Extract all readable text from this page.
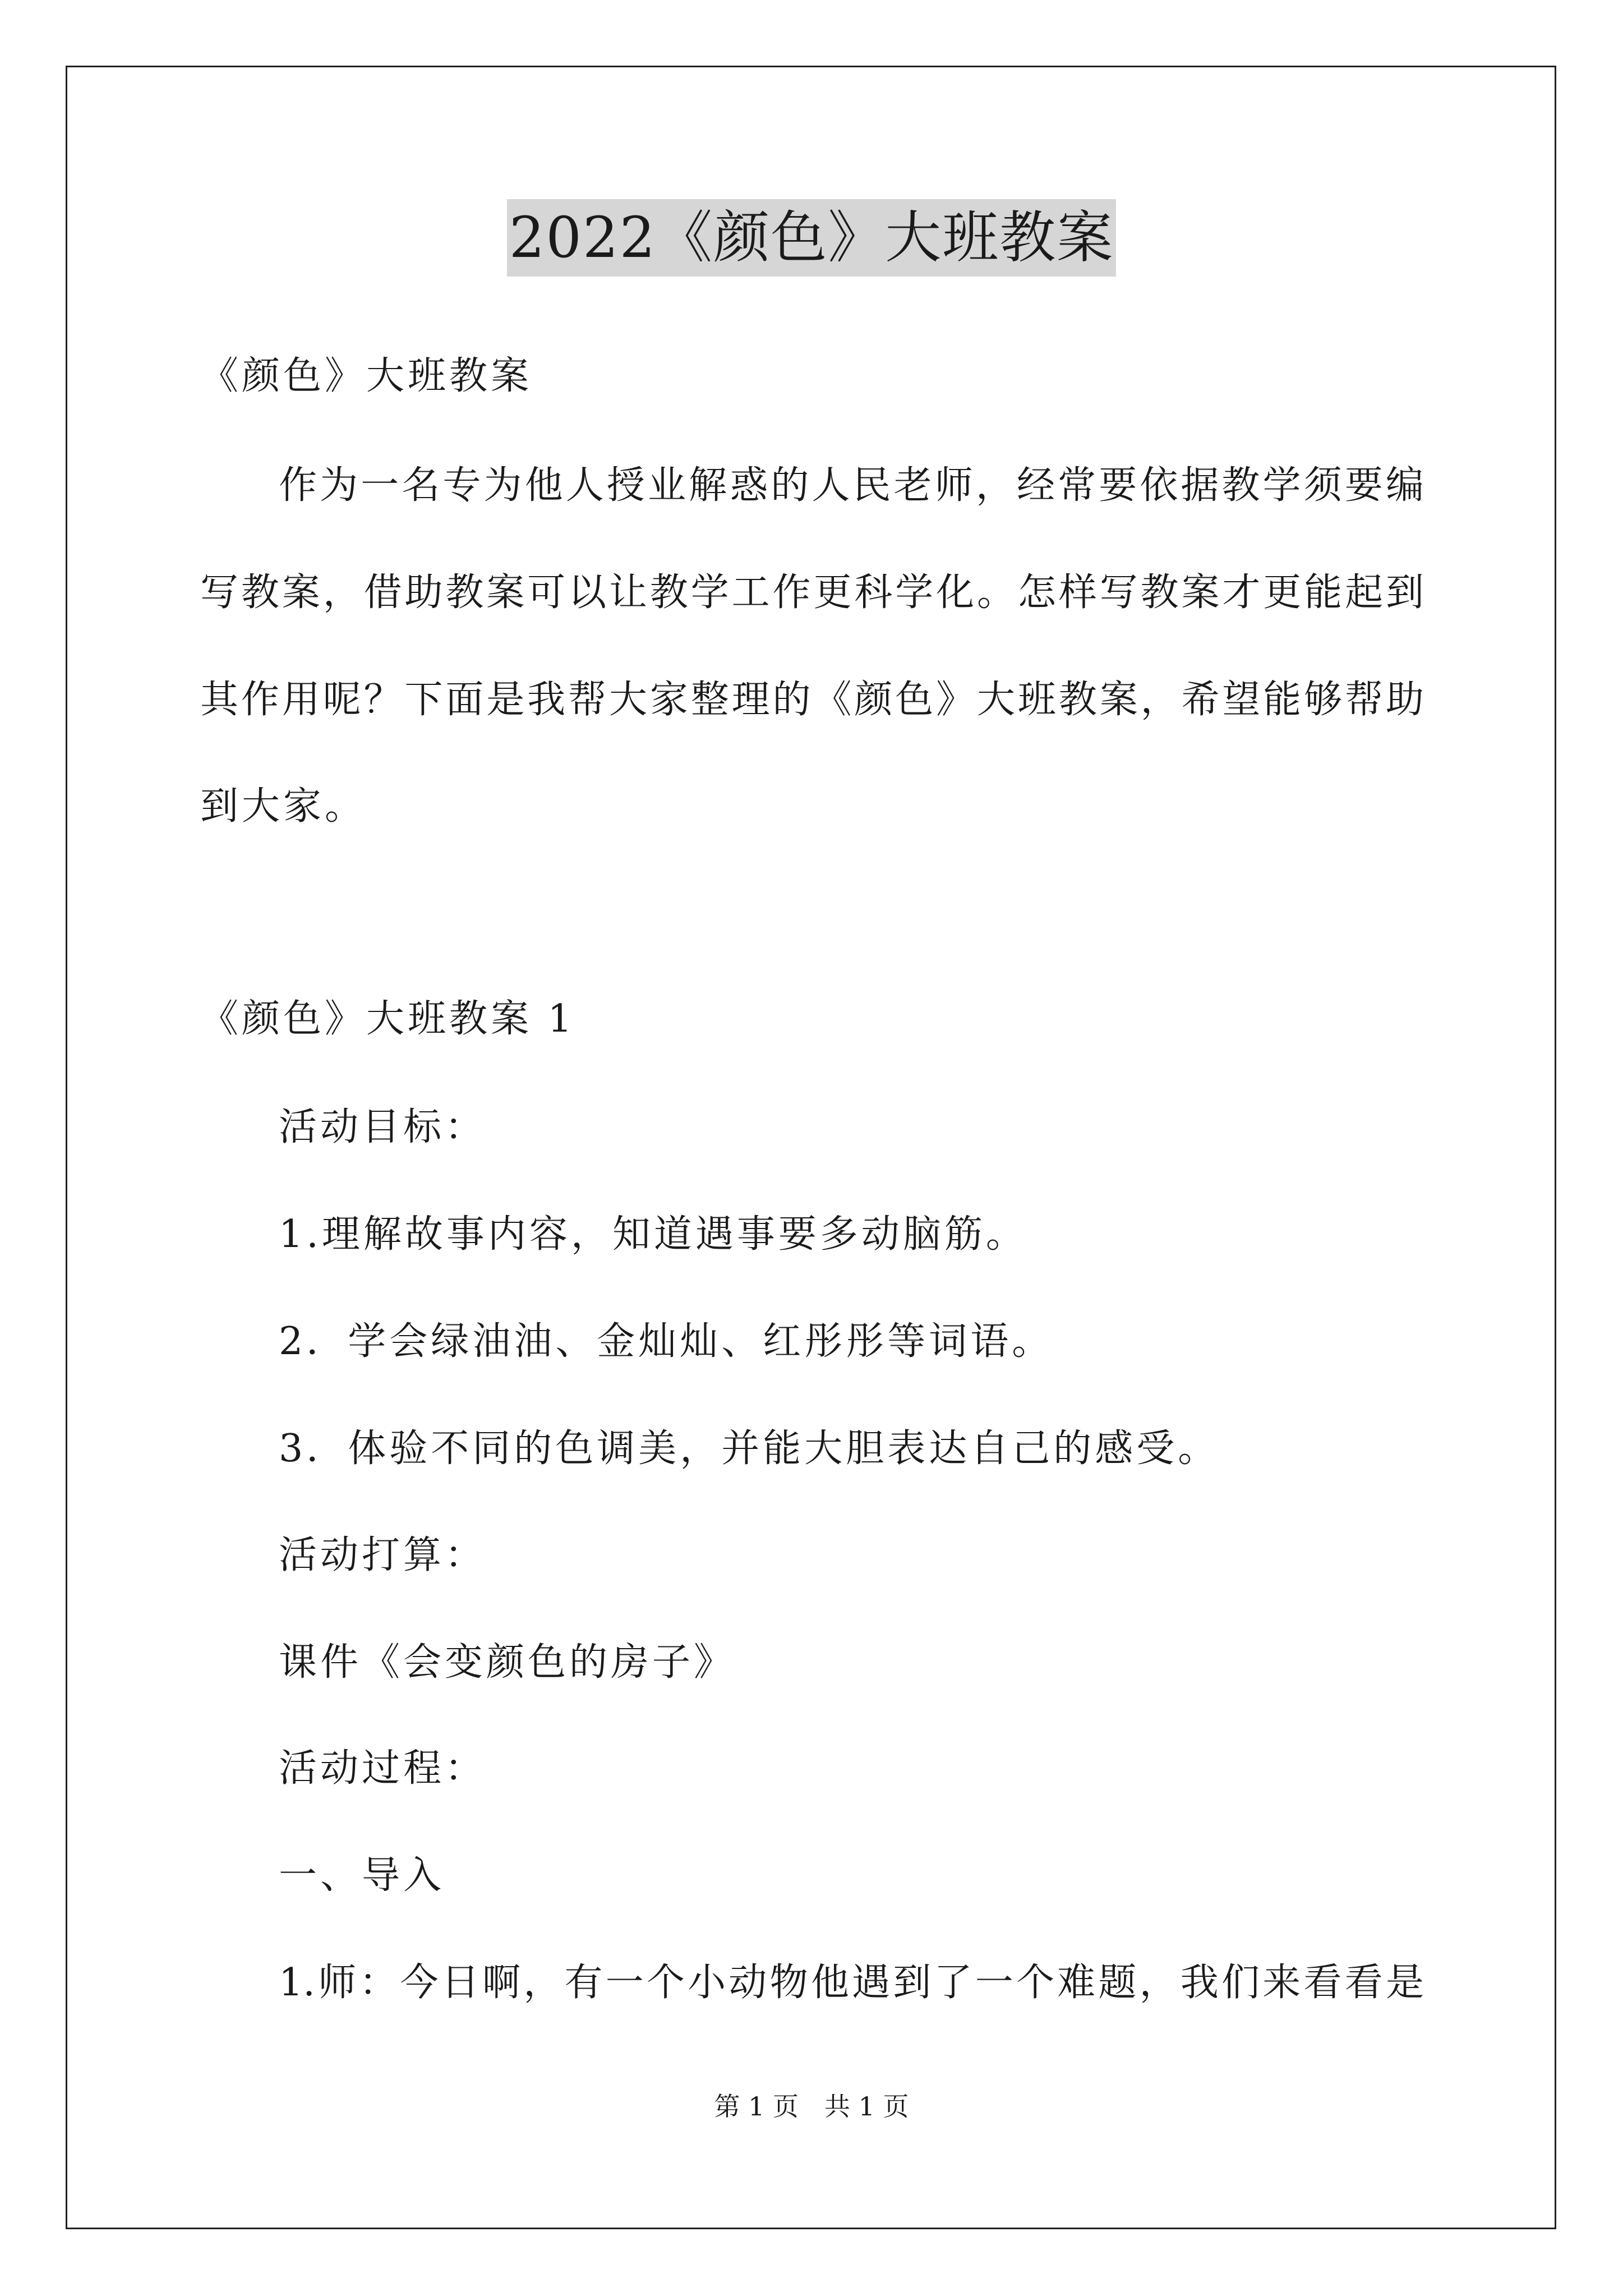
2022《颜色》大班教案
《颜色》大班教案
作为一名专为他人授业解惑的人民老师，经常要依据教学须要编
写教案，借助教案可以让教学工作更科学化。怎样写教案才更能起到
其作用呢？下面是我帮大家整理的《颜色》大班教案，希望能够帮助
到大家。
《颜色》大班教案 1
活动目标：
1.理解故事内容，知道遇事要多动脑筋。
2．学会绿油油、金灿灿、红彤彤等词语。
3．体验不同的色调美，并能大胆表达自己的感受。
活动打算：
课件《会变颜色的房子》
活动过程：
一、导入
1.师：今日啊，有一个小动物他遇到了一个难题，我们来看看是
第 1 页　共 1 页
